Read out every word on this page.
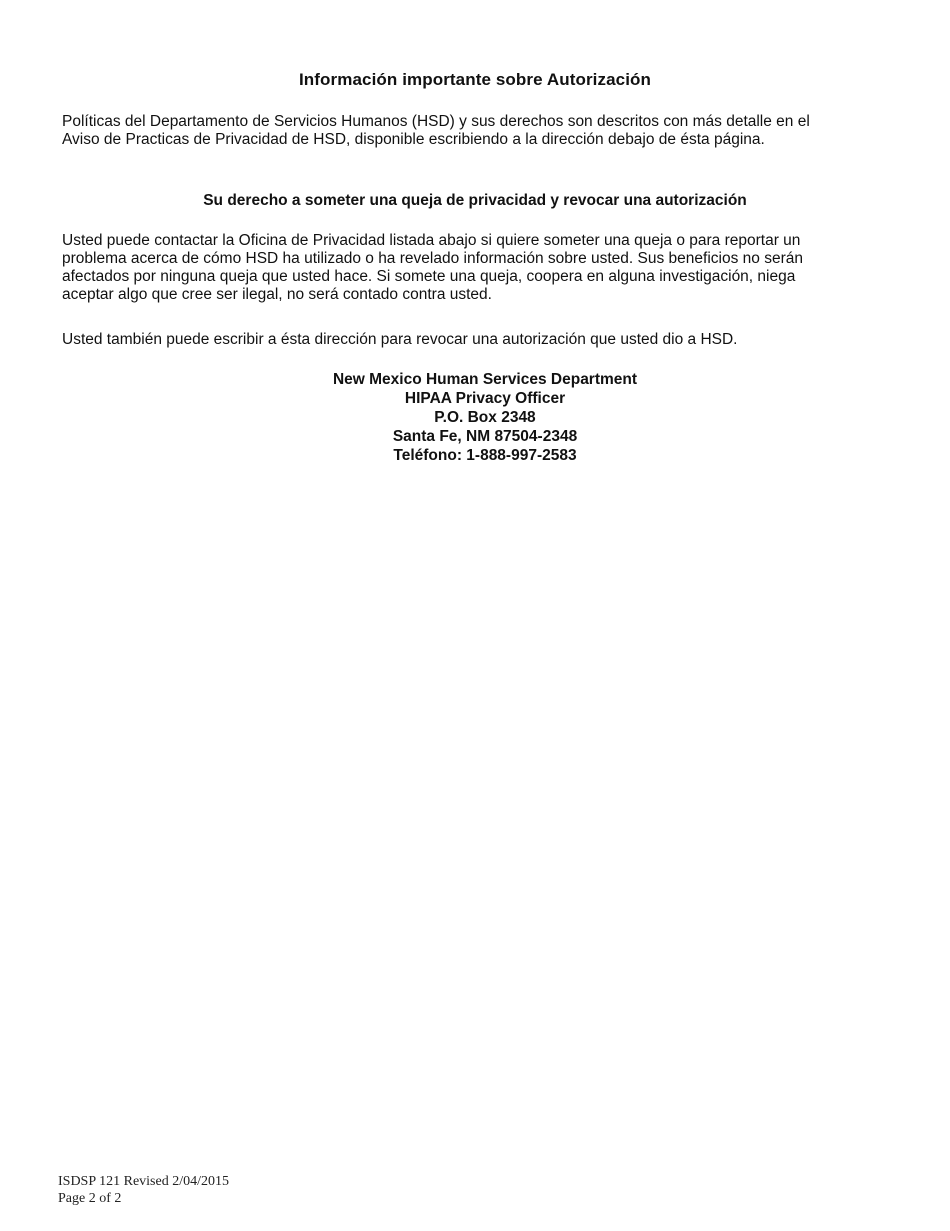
Información importante sobre Autorización

Políticas del Departamento de Servicios Humanos (HSD) y sus derechos son descritos con más detalle en el

Aviso de Practicas de Privacidad de HSD, disponible escribiendo a la dirección debajo de ésta página.

Su derecho a someter una queja de privacidad y revocar una autorización

Usted puede contactar la Oficina de Privacidad listada abajo si quiere someter una queja o para reportar un

problema acerca de cómo HSD ha utilizado o ha revelado información sobre usted. Sus beneficios no serán

afectados por ninguna queja que usted hace. Si somete una queja, coopera en alguna investigación, niega

aceptar algo que cree ser ilegal, no será contado contra usted.

Usted también puede escribir a ésta dirección para revocar una autorización que usted dio a HSD.
New Mexico Human Services Department
HIPAA Privacy Officer
P.O. Box 2348
Santa Fe, NM 87504-2348
Teléfono: 1-888-997-2583
ISDSP 121 Revised 2/04/2015
Page 2 of 2
